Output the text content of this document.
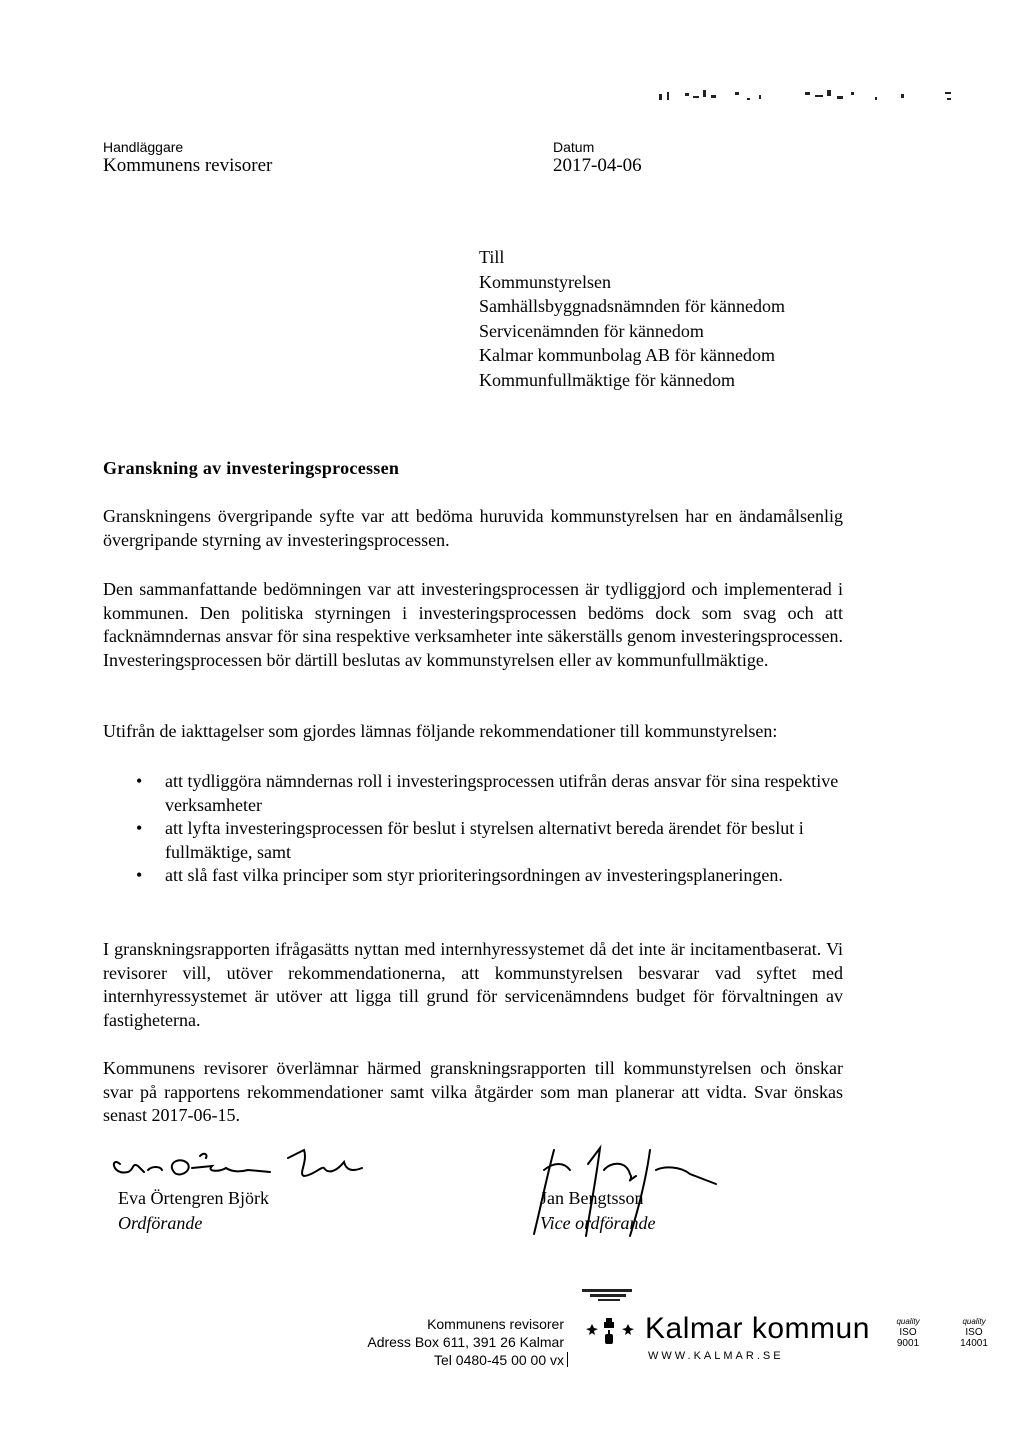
Handläggare
Kommunens revisorer
Datum
2017-04-06
Till
Kommunstyrelsen
Samhällsbyggnadsnämnden för kännedom
Servicenämnden för kännedom
Kalmar kommunbolag AB för kännedom
Kommunfullmäktige för kännedom
Granskning av investeringsprocessen

Granskningens övergripande syfte var att bedöma huruvida kommunstyrelsen har en ändamålsenlig övergripande styrning av investeringsprocessen.

Den sammanfattande bedömningen var att investeringsprocessen är tydliggjord och implementerad i kommunen. Den politiska styrningen i investeringsprocessen bedöms dock som svag och att facknämndernas ansvar för sina respektive verksamheter inte säkerställs genom investeringsprocessen. Investeringsprocessen bör därtill beslutas av kommunstyrelsen eller av kommunfullmäktige.

Utifrån de iakttagelser som gjordes lämnas följande rekommendationer till kommunstyrelsen:

• att tydliggöra nämndernas roll i investeringsprocessen utifrån deras ansvar för sina respektive verksamheter
• att lyfta investeringsprocessen för beslut i styrelsen alternativt bereda ärendet för beslut i fullmäktige, samt
• att slå fast vilka principer som styr prioriteringsordningen av investeringsplaneringen.

I granskningsrapporten ifrågasätts nyttan med internhyressystemet då det inte är incitamentbaserat. Vi revisorer vill, utöver rekommendationerna, att kommunstyrelsen besvarar vad syftet med internhyressystemet är utöver att ligga till grund för servicenämndens budget för förvaltningen av fastigheterna.

Kommunens revisorer överlämnar härmed granskningsrapporten till kommunstyrelsen och önskar svar på rapportens rekommendationer samt vilka åtgärder som man planerar att vidta. Svar önskas senast 2017-06-15.

Eva Örtengren Björk
Ordförande
Jan Bengtsson
Vice ordförande
Kommunens revisorer
Adress Box 611, 391 26 Kalmar
Tel 0480-45 00 00 vx
Kalmar kommun
WWW.KALMAR.SE
quality
ISO
9001
quality
ISO
14001
